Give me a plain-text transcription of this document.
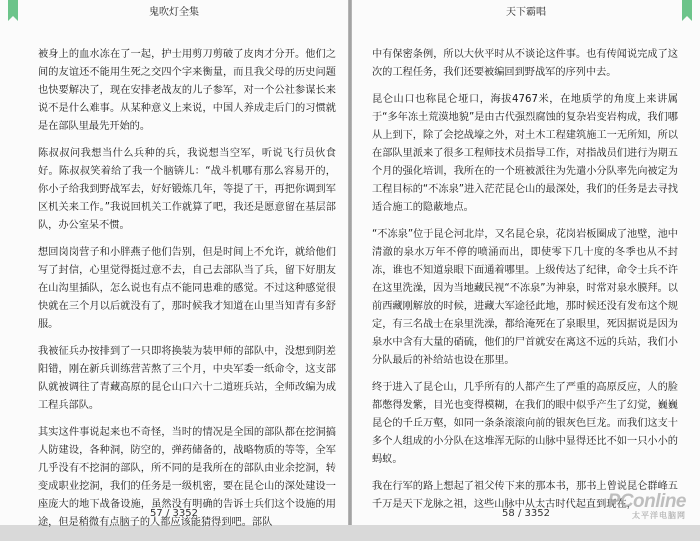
鬼吹灯全集

被身上的血水冻在了一起，护士用剪刀剪破了皮肉才分开。他们之间的友谊还不能用生死之交四个字来衡量，而且我父母的历史问题也快要解决了，现在安排老战友的儿子参军，对一个公社参谋长来说不是什么难事。从某种意义上来说，中国人养成走后门的习惯就是在部队里最先开始的。

陈叔叔问我想当什么兵种的兵，我说想当空军，听说飞行员伙食好。陈叔叔笑着给了我一个脑锛儿：“战斗机哪有那么容易开的，你小子给我到野战军去，好好锻炼几年，等提了干，再把你调到军区机关来工作。”我说回机关工作就算了吧，我还是愿意留在基层部队，办公室呆不惯。

想回岗岗营子和小胖燕子他们告别，但是时间上不允许，就给他们写了封信，心里觉得挺过意不去，自己去部队当了兵，留下好朋友在山沟里插队，怎么说也有点不能同患难的感觉。不过这种感觉很快就在三个月以后就没有了，那时候我才知道在山里当知青有多舒服。

我被征兵办按排到了一只即将换装为装甲师的部队中，没想到阴差阳错，刚在新兵训练营苦熬了三个月，中央军委一纸命令，这支部队就被调往了青藏高原的昆仑山口六十二道班兵站，全师改编为成工程兵部队。

其实这件事说起来也不奇怪，当时的情况是全国的部队都在挖洞搞人防建设，各种洞，防空的，弹药储备的，战略物质的等等，全军几乎没有不挖洞的部队，所不同的是我所在的部队由业余挖洞，转变成职业挖洞，我们的任务是一级机密，要在昆仑山的深处建设一座庞大的地下战备设施，虽然没有明确的告诉士兵们这个设施的用途，但是稍微有点脑子的人都应该能猜得到吧。部队

57 / 3352
天下霸唱

中有保密条例，所以大伙平时从不谈论这件事。也有传闻说完成了这次的工程任务，我们还要被编回到野战军的序列中去。

昆仑山口也称昆仑垭口，海拔4767米，在地质学的角度上来讲属于“多年冻土荒漠地貌”是由古代强烈腐蚀的复杂岩变岩构成，我们哪从上到下，除了会挖战壕之外，对土木工程建筑施工一无所知，所以在部队里派来了很多工程师技术员指导工作，对指战员们进行为期五个月的强化培训，我所在的一个班被派往为先遣小分队率先向被定为工程目标的“不冻泉”进入茫茫昆仑山的最深处，我们的任务是去寻找适合施工的隐蔽地点。

“不冻泉”位于昆仑河北岸，又名昆仑泉，花岗岩板圈成了池壁，池中清澈的泉水万年不停的喷涌而出，即使零下几十度的冬季也从不封冻，谁也不知道泉眼下面通着哪里。上级传达了纪律，命令士兵不许在这里洗澡，因为当地藏民视“不冻泉”为神泉，时常对泉水膜拜。以前西藏刚解放的时候，进藏大军途径此地，那时候还没有发布这个规定，有三名战士在泉里洗澡，都给淹死在了泉眼里，死因据说是因为泉水中含有大量的硝硫，他们的尸首就安在离这不远的兵站，我们小分队最后的补给站也设在那里。

终于进入了昆仑山，几乎所有的人都产生了严重的高原反应，人的脸都憋得发紫，目光也变得模糊，在我们的眼中似乎产生了幻觉，巍巍昆仑的千丘万壑，如同一条条滚滚向前的银灰色巨龙。而我们这支十多个人组成的小分队在这堆浑无际的山脉中显得还比不如一只小小的蚂蚁。

我在行军的路上想起了祖父传下来的那本书，那书上曾说昆仑群峰五千万是天下龙脉之祖，这些山脉中从太古时代起直到现在，

58 / 3352
PConline
太平洋电脑网
